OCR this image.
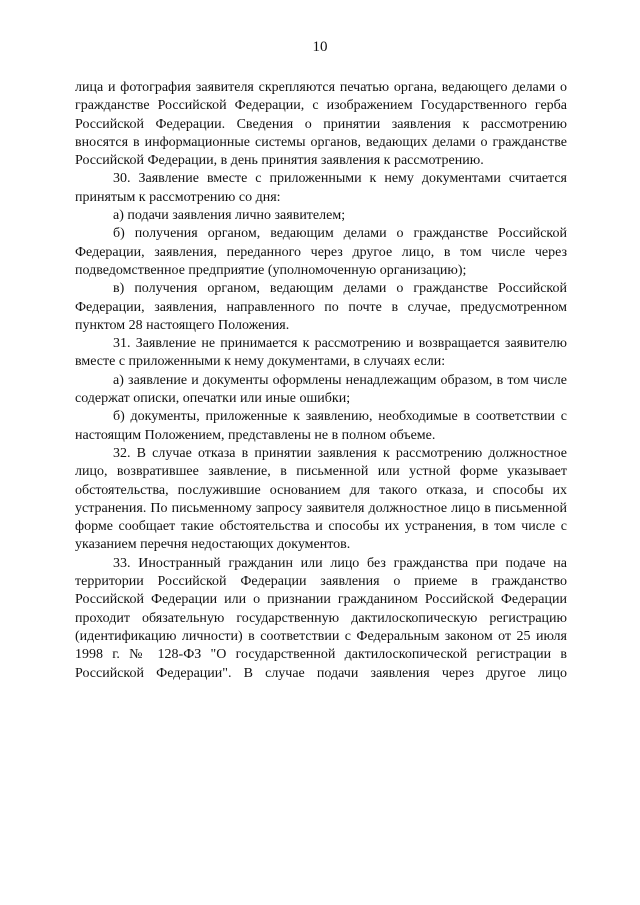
10

лица и фотография заявителя скрепляются печатью органа, ведающего делами о гражданстве Российской Федерации, с изображением Государственного герба Российской Федерации. Сведения о принятии заявления к рассмотрению вносятся в информационные системы органов, ведающих делами о гражданстве Российской Федерации, в день принятия заявления к рассмотрению.

30. Заявление вместе с приложенными к нему документами считается принятым к рассмотрению со дня:

а) подачи заявления лично заявителем;

б) получения органом, ведающим делами о гражданстве Российской Федерации, заявления, переданного через другое лицо, в том числе через подведомственное предприятие (уполномоченную организацию);

в) получения органом, ведающим делами о гражданстве Российской Федерации, заявления, направленного по почте в случае, предусмотренном пунктом 28 настоящего Положения.

31. Заявление не принимается к рассмотрению и возвращается заявителю вместе с приложенными к нему документами, в случаях если:

а) заявление и документы оформлены ненадлежащим образом, в том числе содержат описки, опечатки или иные ошибки;

б) документы, приложенные к заявлению, необходимые в соответствии с настоящим Положением, представлены не в полном объеме.

32. В случае отказа в принятии заявления к рассмотрению должностное лицо, возвратившее заявление, в письменной или устной форме указывает обстоятельства, послужившие основанием для такого отказа, и способы их устранения. По письменному запросу заявителя должностное лицо в письменной форме сообщает такие обстоятельства и способы их устранения, в том числе с указанием перечня недостающих документов.

33. Иностранный гражданин или лицо без гражданства при подаче на территории Российской Федерации заявления о приеме в гражданство Российской Федерации или о признании гражданином Российской Федерации проходит обязательную государственную дактилоскопическую регистрацию (идентификацию личности) в соответствии с Федеральным законом от 25 июля 1998 г. № 128-ФЗ "О государственной дактилоскопической регистрации в Российской Федерации". В случае подачи заявления через другое лицо
